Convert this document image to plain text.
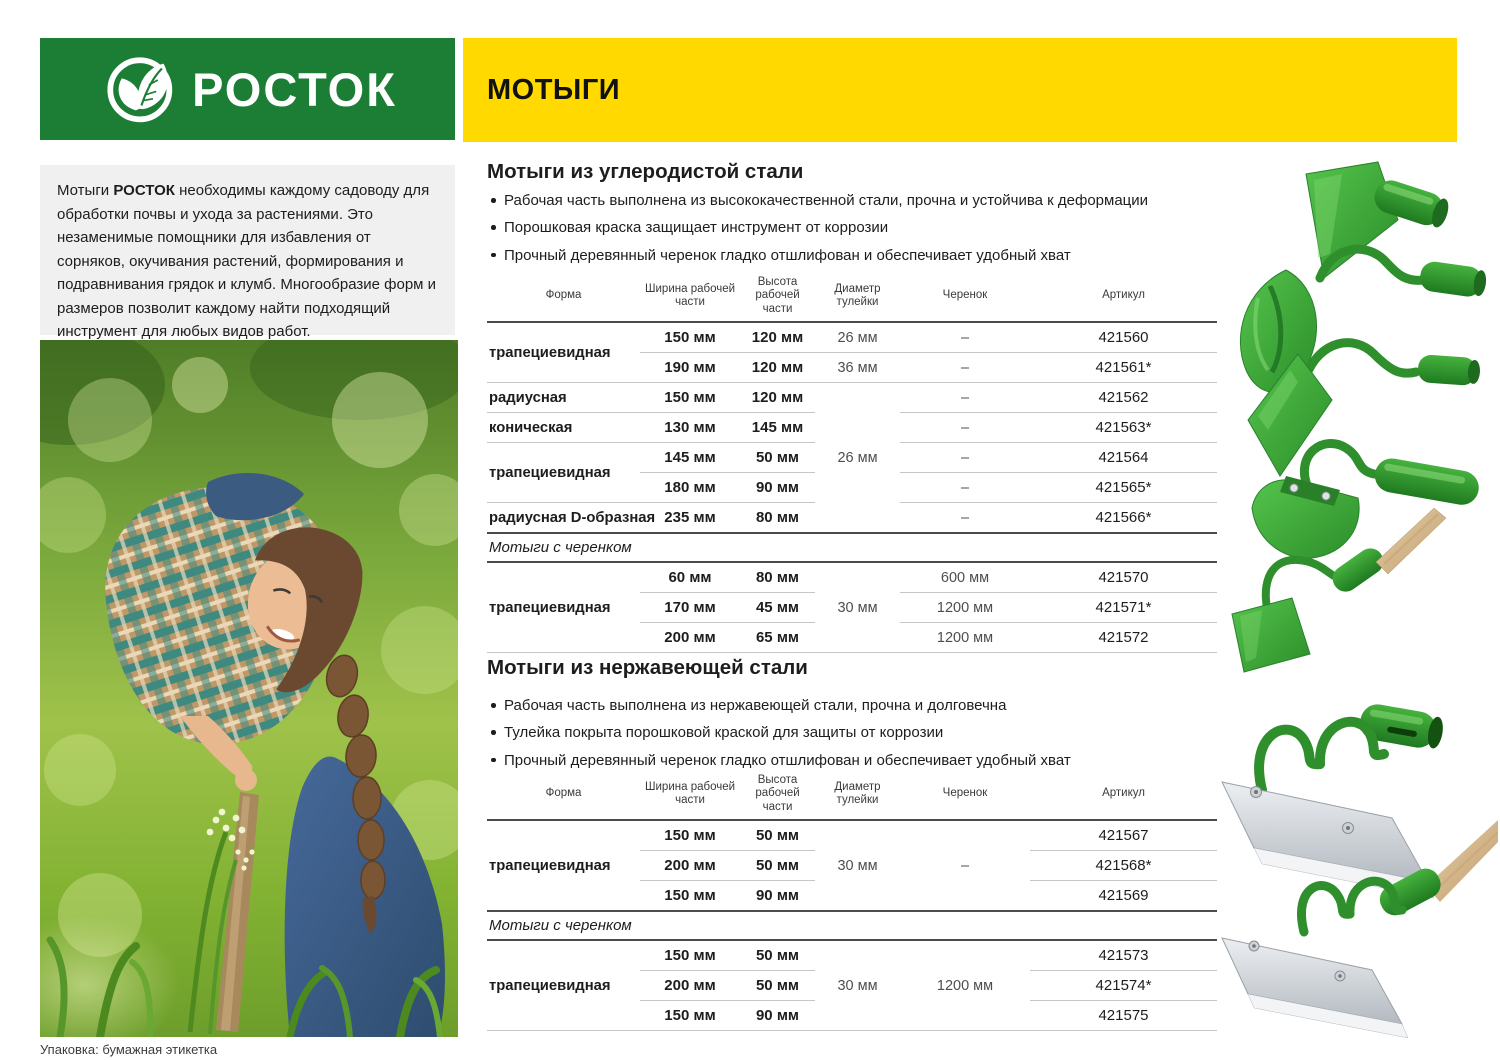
РОСТОК
Мотыги РОСТОК необходимы каждому садоводу для обработки почвы и ухода за растениями. Это незаменимые помощники для избавления от сорняков, окучивания растений, формирования и подравнивания грядок и клумб. Многообразие форм и размеров позволит каждому найти подходящий инструмент для любых видов работ.
Упаковка: бумажная этикетка
МОТЫГИ
Мотыги из углеродистой стали
Рабочая часть выполнена из высококачественной стали, прочна и устойчива к деформации
Порошковая краска защищает инструмент от коррозии
Прочный деревянный черенок гладко отшлифован и обеспечивает удобный хват
Форма	Ширина рабочей части	Высота рабочей части	Диаметр тулейки	Черенок	Артикул
трапециевидная	150 мм	120 мм	26 мм	–	421560
	190 мм	120 мм	36 мм	–	421561*
радиусная	150 мм	120 мм	26 мм	–	421562
коническая	130 мм	145 мм		–	421563*
трапециевидная	145 мм	50 мм		–	421564
	180 мм	90 мм		–	421565*
радиусная D-образная	235 мм	80 мм		–	421566*
Мотыги с черенком					
трапециевидная	60 мм	80 мм	30 мм	600 мм	421570
	170 мм	45 мм		1200 мм	421571*
	200 мм	65 мм		1200 мм	421572
Мотыги из нержавеющей стали
Рабочая часть выполнена из нержавеющей стали, прочна и долговечна
Тулейка покрыта порошковой краской для защиты от коррозии
Прочный деревянный черенок гладко отшлифован и обеспечивает удобный хват
Форма	Ширина рабочей части	Высота рабочей части	Диаметр тулейки	Черенок	Артикул
трапециевидная	150 мм	50 мм	30 мм	–	421567
	200 мм	50 мм			421568*
	150 мм	90 мм			421569
Мотыги с черенком					
трапециевидная	150 мм	50 мм	30 мм	1200 мм	421573
	200 мм	50 мм			421574*
	150 мм	90 мм			421575
